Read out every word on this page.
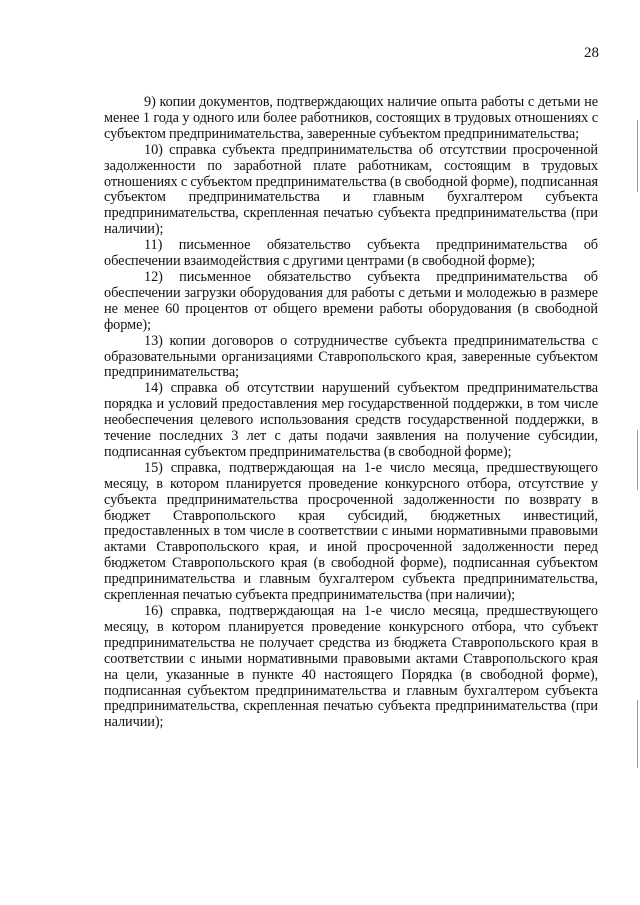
28

9) копии документов, подтверждающих наличие опыта работы с детьми не менее 1 года у одного или более работников, состоящих в трудовых отношениях с субъектом предпринимательства, заверенные субъектом предпринимательства;

10) справка субъекта предпринимательства об отсутствии просроченной задолженности по заработной плате работникам, состоящим в трудовых отношениях с субъектом предпринимательства (в свободной форме), подписанная субъектом предпринимательства и главным бухгалтером субъекта предпринимательства, скрепленная печатью субъекта предпринимательства (при наличии);

11) письменное обязательство субъекта предпринимательства об обеспечении взаимодействия с другими центрами (в свободной форме);

12) письменное обязательство субъекта предпринимательства об обеспечении загрузки оборудования для работы с детьми и молодежью в размере не менее 60 процентов от общего времени работы оборудования (в свободной форме);

13) копии договоров о сотрудничестве субъекта предпринимательства с образовательными организациями Ставропольского края, заверенные субъектом предпринимательства;

14) справка об отсутствии нарушений субъектом предпринимательства порядка и условий предоставления мер государственной поддержки, в том числе необеспечения целевого использования средств государственной поддержки, в течение последних 3 лет с даты подачи заявления на получение субсидии, подписанная субъектом предпринимательства (в свободной форме);

15) справка, подтверждающая на 1-е число месяца, предшествующего месяцу, в котором планируется проведение конкурсного отбора, отсутствие у субъекта предпринимательства просроченной задолженности по возврату в бюджет Ставропольского края субсидий, бюджетных инвестиций, предоставленных в том числе в соответствии с иными нормативными правовыми актами Ставропольского края, и иной просроченной задолженности перед бюджетом Ставропольского края (в свободной форме), подписанная субъектом предпринимательства и главным бухгалтером субъекта предпринимательства, скрепленная печатью субъекта предпринимательства (при наличии);

16) справка, подтверждающая на 1-е число месяца, предшествующего месяцу, в котором планируется проведение конкурсного отбора, что субъект предпринимательства не получает средства из бюджета Ставропольского края в соответствии с иными нормативными правовыми актами Ставропольского края на цели, указанные в пункте 40 настоящего Порядка (в свободной форме), подписанная субъектом предпринимательства и главным бухгалтером субъекта предпринимательства, скрепленная печатью субъекта предпринимательства (при наличии);
